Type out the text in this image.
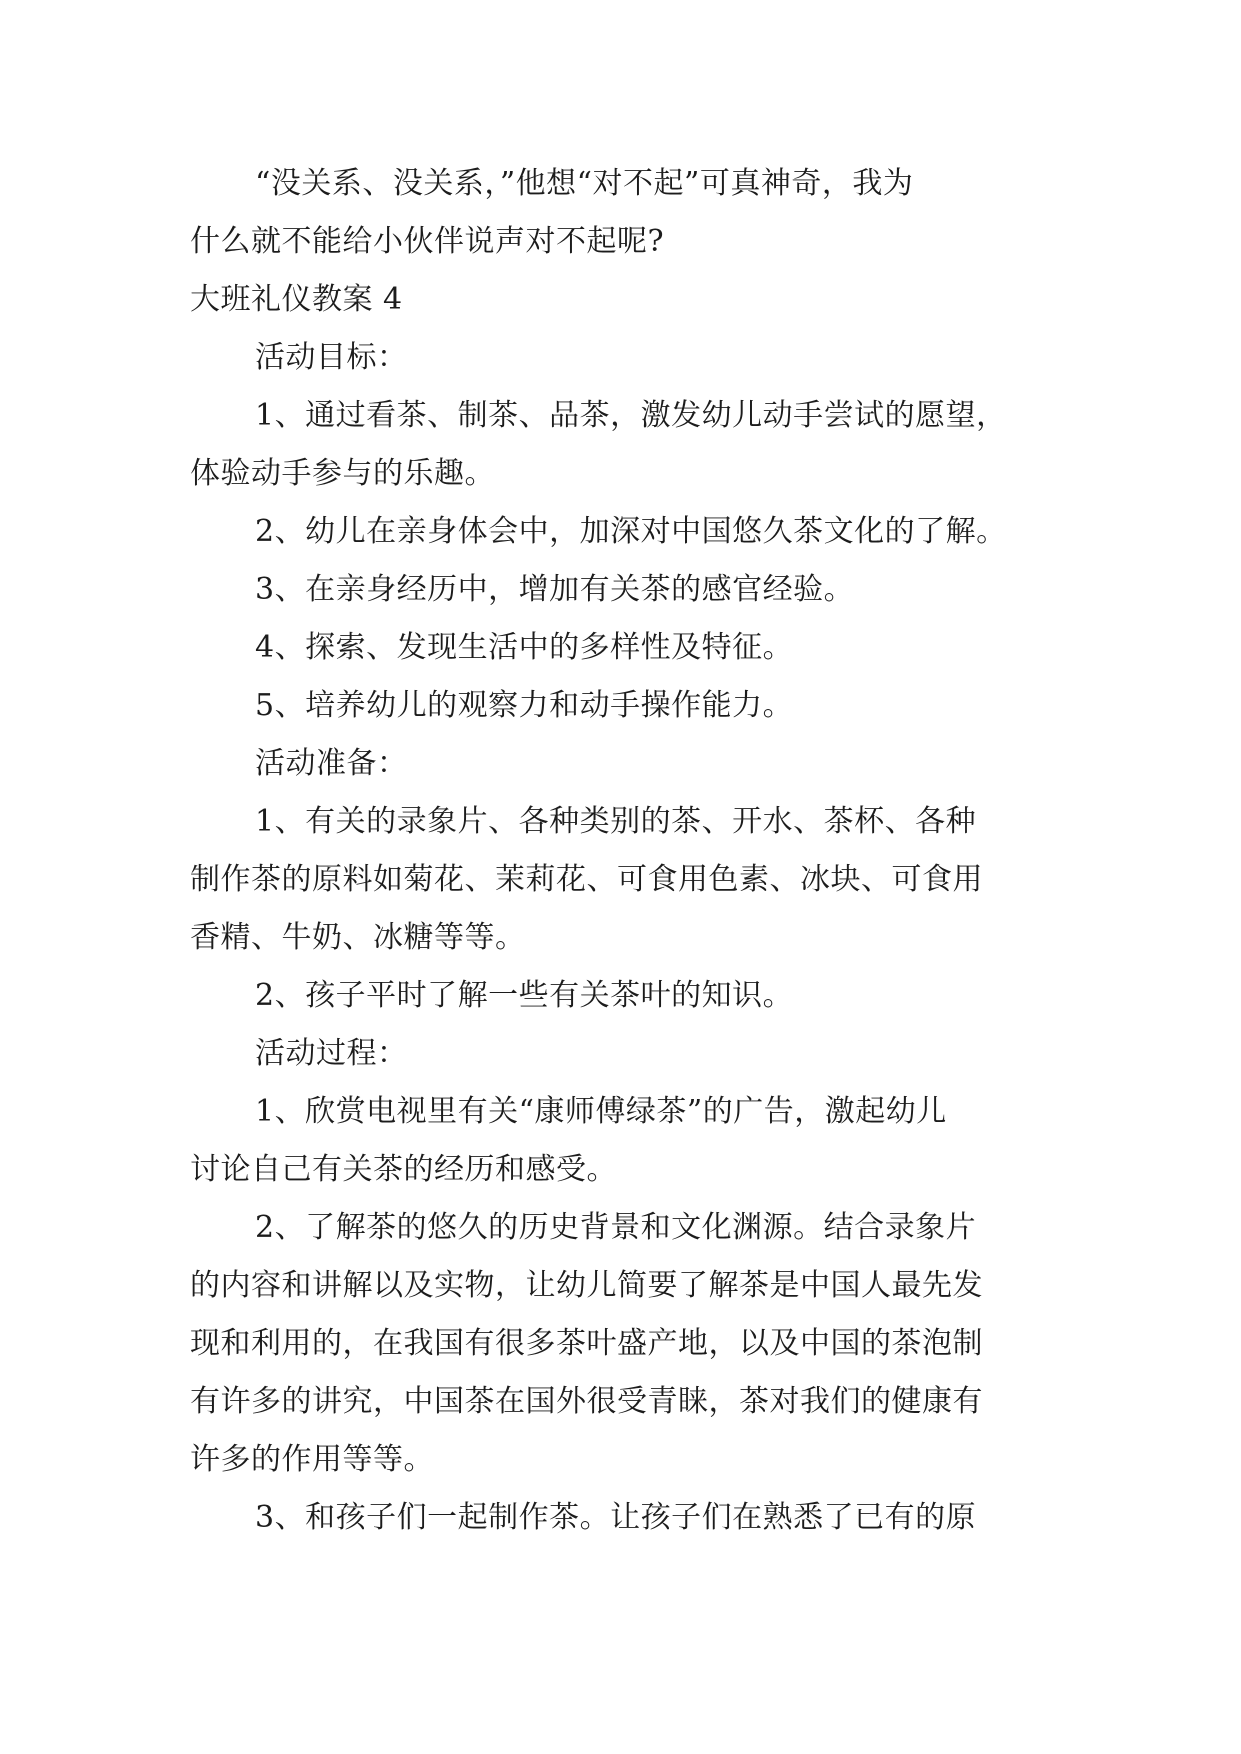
“没关系、没关系，”他想“对不起”可真神奇，我为

什么就不能给小伙伴说声对不起呢?

大班礼仪教案 4

活动目标：

1、通过看茶、制茶、品茶，激发幼儿动手尝试的愿望，

体验动手参与的乐趣。

2、幼儿在亲身体会中，加深对中国悠久茶文化的了解。

3、在亲身经历中，增加有关茶的感官经验。

4、探索、发现生活中的多样性及特征。

5、培养幼儿的观察力和动手操作能力。

活动准备：

1、有关的录象片、各种类别的茶、开水、茶杯、各种

制作茶的原料如菊花、茉莉花、可食用色素、冰块、可食用

香精、牛奶、冰糖等等。

2、孩子平时了解一些有关茶叶的知识。

活动过程：

1、欣赏电视里有关“康师傅绿茶”的广告，激起幼儿

讨论自己有关茶的经历和感受。

2、了解茶的悠久的历史背景和文化渊源。结合录象片

的内容和讲解以及实物，让幼儿简要了解茶是中国人最先发

现和利用的，在我国有很多茶叶盛产地，以及中国的茶泡制

有许多的讲究，中国茶在国外很受青睐，茶对我们的健康有

许多的作用等等。

3、和孩子们一起制作茶。让孩子们在熟悉了已有的原
